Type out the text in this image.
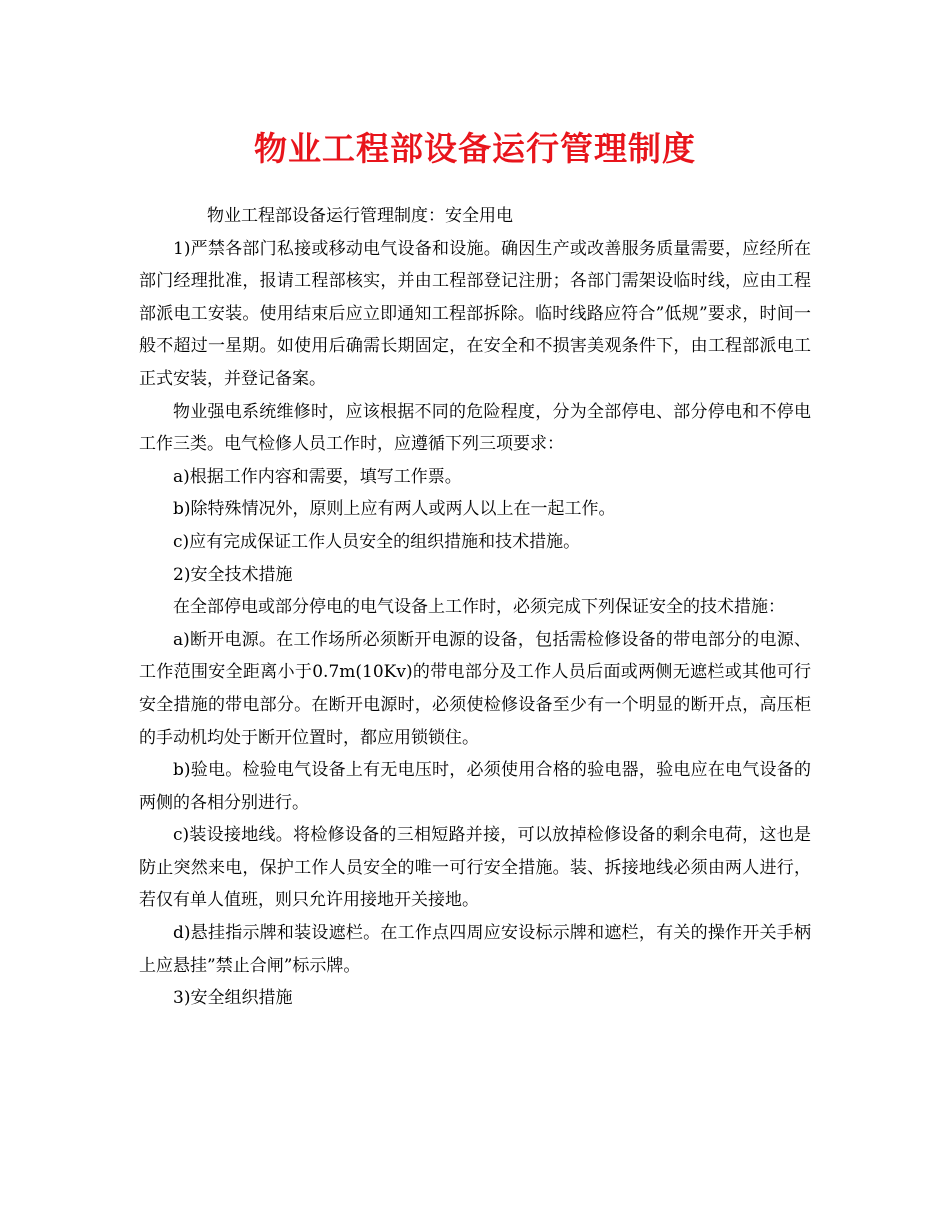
物业工程部设备运行管理制度

物业工程部设备运行管理制度：安全用电

1)严禁各部门私接或移动电气设备和设施。确因生产或改善服务质量需要，应经所在部门经理批准，报请工程部核实，并由工程部登记注册；各部门需架设临时线，应由工程部派电工安装。使用结束后应立即通知工程部拆除。临时线路应符合”低规”要求，时间一般不超过一星期。如使用后确需长期固定，在安全和不损害美观条件下，由工程部派电工正式安装，并登记备案。

物业强电系统维修时，应该根据不同的危险程度，分为全部停电、部分停电和不停电工作三类。电气检修人员工作时，应遵循下列三项要求：

a)根据工作内容和需要，填写工作票。

b)除特殊情况外，原则上应有两人或两人以上在一起工作。

c)应有完成保证工作人员安全的组织措施和技术措施。

2)安全技术措施

在全部停电或部分停电的电气设备上工作时，必须完成下列保证安全的技术措施：

a)断开电源。在工作场所必须断开电源的设备，包括需检修设备的带电部分的电源、工作范围安全距离小于0.7m(10Kv)的带电部分及工作人员后面或两侧无遮栏或其他可行安全措施的带电部分。在断开电源时，必须使检修设备至少有一个明显的断开点，高压柜的手动机均处于断开位置时，都应用锁锁住。

b)验电。检验电气设备上有无电压时，必须使用合格的验电器，验电应在电气设备的两侧的各相分别进行。

c)装设接地线。将检修设备的三相短路并接，可以放掉检修设备的剩余电荷，这也是防止突然来电，保护工作人员安全的唯一可行安全措施。装、拆接地线必须由两人进行，若仅有单人值班，则只允许用接地开关接地。

d)悬挂指示牌和装设遮栏。在工作点四周应安设标示牌和遮栏，有关的操作开关手柄上应悬挂”禁止合闸”标示牌。

3)安全组织措施
